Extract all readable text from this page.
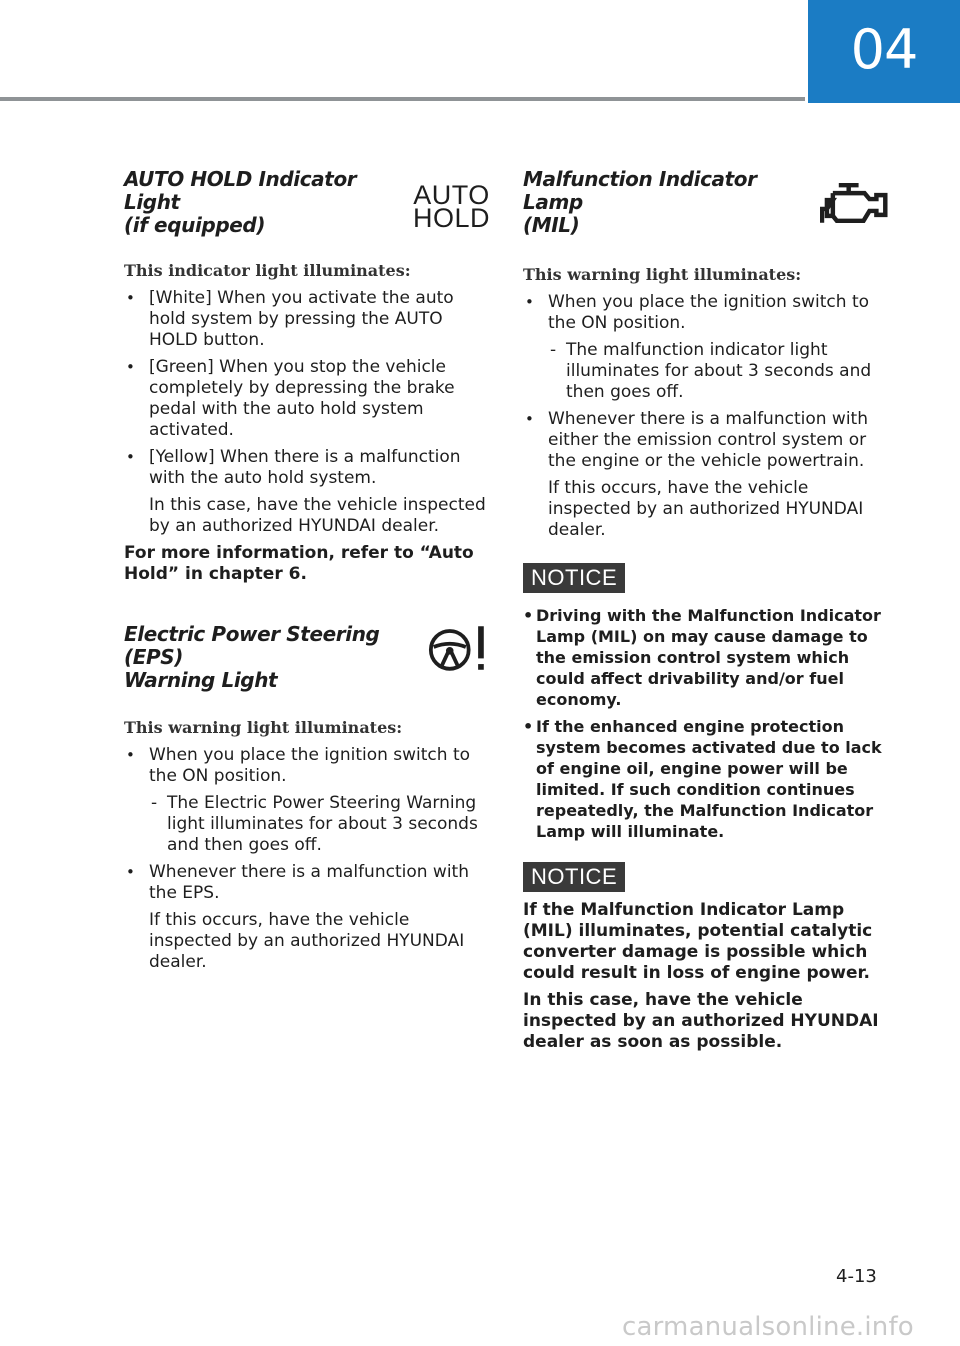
04
AUTO HOLD Indicator Light
(if equipped)
AUTO
HOLD

This indicator light illuminates:

• [White] When you activate the auto hold system by pressing the AUTO HOLD button.
• [Green] When you stop the vehicle completely by depressing the brake pedal with the auto hold system activated.
• [Yellow] When there is a malfunction with the auto hold system.
In this case, have the vehicle inspected by an authorized HYUNDAI dealer.

For more information, refer to “Auto Hold” in chapter 6.

Electric Power Steering (EPS)
Warning Light

This warning light illuminates:

• When you place the ignition switch to the ON position.
- The Electric Power Steering Warning light illuminates for about 3 seconds and then goes off.
• Whenever there is a malfunction with the EPS.
If this occurs, have the vehicle inspected by an authorized HYUNDAI dealer.
Malfunction Indicator Lamp
(MIL)

This warning light illuminates:

• When you place the ignition switch to the ON position.
- The malfunction indicator light illuminates for about 3 seconds and then goes off.
• Whenever there is a malfunction with either the emission control system or the engine or the vehicle powertrain.
If this occurs, have the vehicle inspected by an authorized HYUNDAI dealer.
NOTICE
• Driving with the Malfunction Indicator Lamp (MIL) on may cause damage to the emission control system which could affect drivability and/or fuel economy.
• If the enhanced engine protection system becomes activated due to lack of engine oil, engine power will be limited. If such condition continues repeatedly, the Malfunction Indicator Lamp will illuminate.
NOTICE

If the Malfunction Indicator Lamp (MIL) illuminates, potential catalytic converter damage is possible which could result in loss of engine power.

In this case, have the vehicle inspected by an authorized HYUNDAI dealer as soon as possible.

4-13
carmanualsonline.info
